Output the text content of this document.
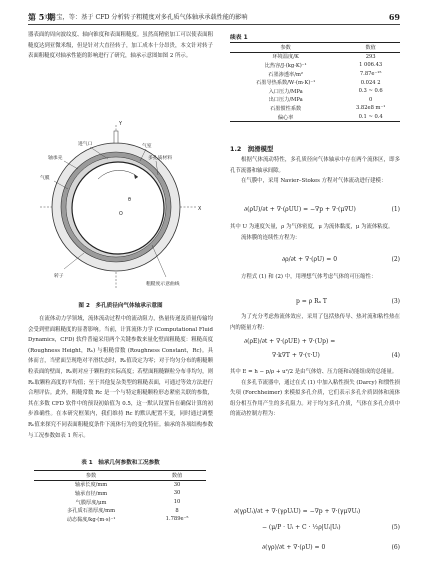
第 5 期
刘佳宝，等：基于 CFD 分析转子粗糙度对多孔质气体轴承承载性能的影响	69

器表面的周向波纹度、轴向锥度和表面粗糙度。虽然高精密加工可以使表面粗糙度达到亚微米级，但是针对大直径转子，加工成本十分昂贵，本文针对转子表面粗糙度对轴承性能的影响进行了研究，轴承示意图如图 2 所示。

进气口
轴承壳
气室
多孔质材料
气膜
转子
粗糙度示意曲线
X
Y
O
θ
图 2　多孔质径向气体轴承示意图

在流体动力学领域，流体流动过程中的流动阻力，热量传递及质量传输均会受到壁面粗糙度的显著影响。当前，计算流体力学 (Computational Fluid Dynamics，CFD) 软件普遍采用两个关键参数来量化壁面粗糙度：粗糙高度 (Roughness Height，Rₕ) 与粗糙常数 (Roughness Constant，Rc)。具体而言，当壁面呈现绝对平滑状态时，Rₕ值设定为零；对于均匀分布的粗糙颗粒表面的壁面，Rₕ则对应于颗粒的实际高度；若壁面粗糙颗粒分布非均匀，则 Rₕ取颗粒高度的平均值；至于其他复杂类型的粗糙表面，可通过等效方法进行合理评估。此外，粗糙常数 Rc 是一个与特定粗糙颗粒形态紧密关联的参数，其在多数 CFD 软件中的预设初始值为 0.5，这一默认设置旨在确保计算的初步准确性。在本研究框架内，我们维持 Rc 的默认配置不变，同时通过调整 Rₕ值来探究不同表面粗糙度条件下流体行为的变化特征。轴承的各项结构参数与工况参数如表 1 所示。

表 1　轴承几何参数和工况参数
参数	数值
轴承长度/mm	30
轴承直径/mm	30
气膜厚度/μm	10
多孔质石墨厚度/mm	8
动态黏度/kg·(m·s)⁻¹	1.789e⁻⁵
续表 1
参数	数值
环境温度/K	293
比热容/J·(kg·K)⁻¹	1 006.43
石墨渗透率/m²	7.87e⁻¹⁵
石墨导热系数/W·(m·K)⁻¹	0.024 2
入口压力/MPa	0.3 ~ 0.6
出口压力/MPa	0
石墨惯性系数	3.82e8 m⁻¹
偏心率	0.1 ~ 0.4
1.2　润滑模型

根据气体流动特性，多孔质径向气体轴承中存在两个流体区，即多孔节流器和轴承间隙。

在气膜中，采用 Navier–Stokes 方程对气体流动进行建模：

∂(ρU)/∂t + ∇·(ρUU) = −∇p + ∇·(μ∇U)	(1)

其中 U 为速度矢量，ρ 为气体密度，μ 为流体黏度，μ 为流体粘度。

流体膜的连续性方程为：

∂ρ/∂t + ∇·(ρU) = 0	(2)

方程式 (1) 和 (2) 中，用理想气体考虑气体的可压缩性：

p = ρ Rₐ T	(3)

为了充分考虑热流体效应，采用了包括热传导、热对流和粘性热在内的能量方程：

∂(ρE)/∂t + ∇·(ρUE) + ∇·(Up) =
∇·k∇T + ∇·(τ·U)	(4)

其中 E = h − p/ρ + u²/2 是由气体焓、压力能和动能组成的总能量。

在多孔节流器中，通过在式 (1) 中加入粘性损失 (Darcy) 和惯性损失项 (Forchheimer) 来模拟多孔介质，它们表示多孔介质固体和流体组分相互作用产生的多孔阻力。对于均匀多孔介质，气体在多孔介质中的流动控制方程为：

∂(γρUᵢ)/∂t + ∇·(γρUᵢU) = −∇p + ∇·(γμ∇Uᵢ)
− (μ/P · Uᵢ + C · ½ρ|Uᵢ|Uᵢ)	(5)
∂(γρ)/∂t + ∇·(ρU) = 0	(6)
